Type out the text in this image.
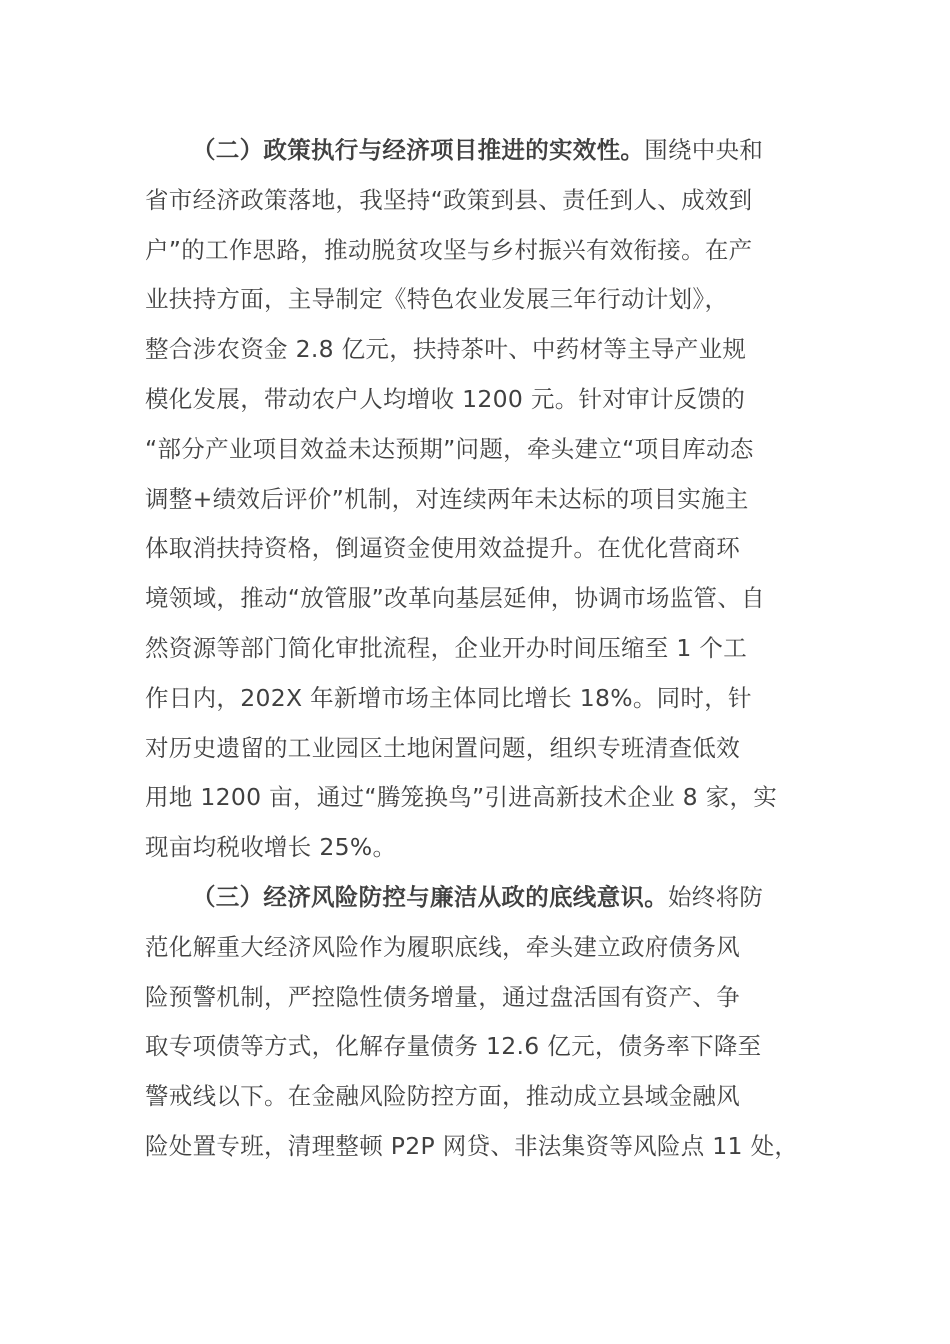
（二）政策执行与经济项目推进的实效性。围绕中央和
省市经济政策落地，我坚持“政策到县、责任到人、成效到
户”的工作思路，推动脱贫攻坚与乡村振兴有效衔接。在产
业扶持方面，主导制定《特色农业发展三年行动计划》，
整合涉农资金 2.8 亿元，扶持茶叶、中药材等主导产业规
模化发展，带动农户人均增收 1200 元。针对审计反馈的
“部分产业项目效益未达预期”问题，牵头建立“项目库动态
调整+绩效后评价”机制，对连续两年未达标的项目实施主
体取消扶持资格，倒逼资金使用效益提升。在优化营商环
境领域，推动“放管服”改革向基层延伸，协调市场监管、自
然资源等部门简化审批流程，企业开办时间压缩至 1 个工
作日内，202X 年新增市场主体同比增长 18%。同时，针
对历史遗留的工业园区土地闲置问题，组织专班清查低效
用地 1200 亩，通过“腾笼换鸟”引进高新技术企业 8 家，实
现亩均税收增长 25%。
（三）经济风险防控与廉洁从政的底线意识。始终将防
范化解重大经济风险作为履职底线，牵头建立政府债务风
险预警机制，严控隐性债务增量，通过盘活国有资产、争
取专项债等方式，化解存量债务 12.6 亿元，债务率下降至
警戒线以下。在金融风险防控方面，推动成立县域金融风
险处置专班，清理整顿 P2P 网贷、非法集资等风险点 11 处，
